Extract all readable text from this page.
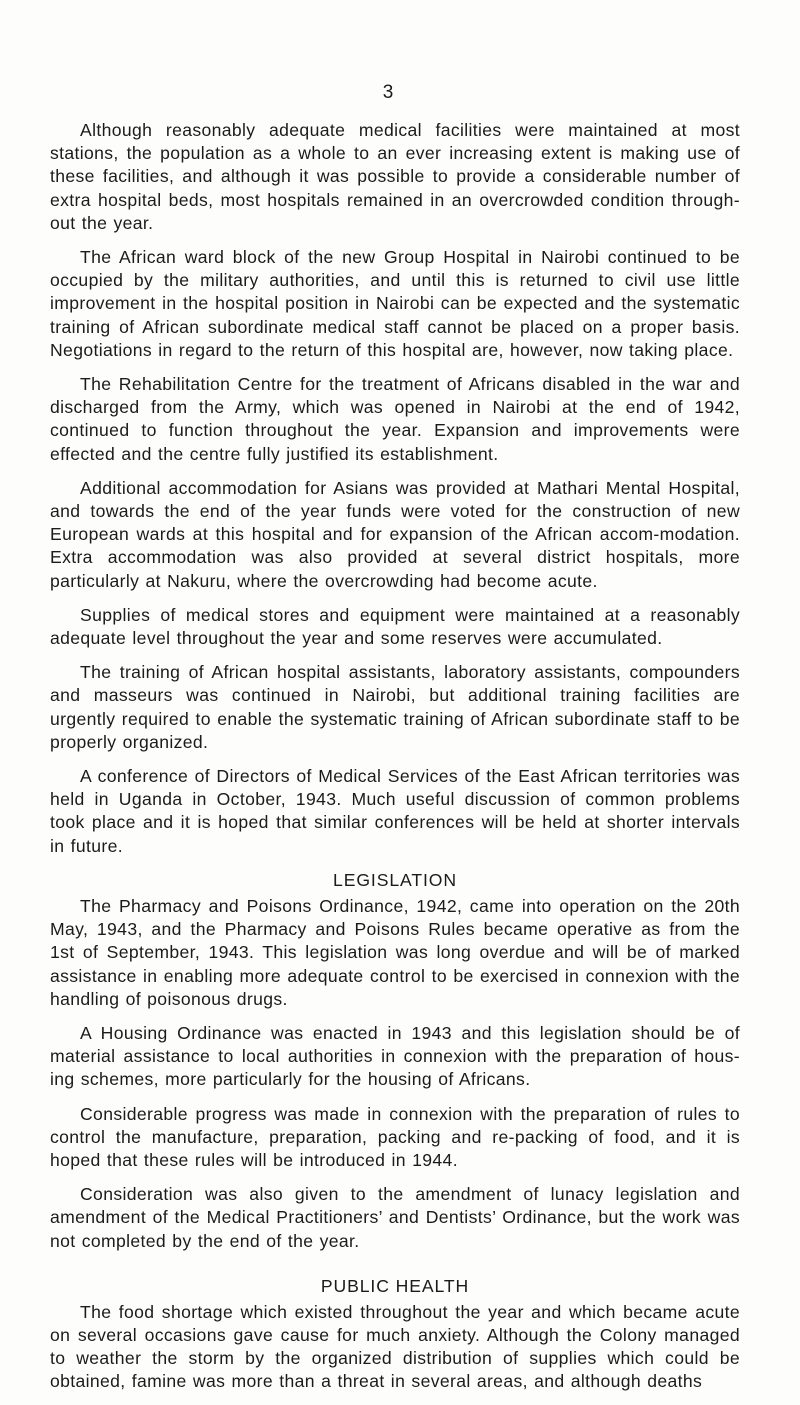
3

Although reasonably adequate medical facilities were maintained at most stations, the population as a whole to an ever increasing extent is making use of these facilities, and although it was possible to provide a considerable number of extra hospital beds, most hospitals remained in an overcrowded condition through-out the year.

The African ward block of the new Group Hospital in Nairobi continued to be occupied by the military authorities, and until this is returned to civil use little improvement in the hospital position in Nairobi can be expected and the systematic training of African subordinate medical staff cannot be placed on a proper basis. Negotiations in regard to the return of this hospital are, however, now taking place.

The Rehabilitation Centre for the treatment of Africans disabled in the war and discharged from the Army, which was opened in Nairobi at the end of 1942, continued to function throughout the year. Expansion and improvements were effected and the centre fully justified its establishment.

Additional accommodation for Asians was provided at Mathari Mental Hospital, and towards the end of the year funds were voted for the construction of new European wards at this hospital and for expansion of the African accom-modation. Extra accommodation was also provided at several district hospitals, more particularly at Nakuru, where the overcrowding had become acute.

Supplies of medical stores and equipment were maintained at a reasonably adequate level throughout the year and some reserves were accumulated.

The training of African hospital assistants, laboratory assistants, compounders and masseurs was continued in Nairobi, but additional training facilities are urgently required to enable the systematic training of African subordinate staff to be properly organized.

A conference of Directors of Medical Services of the East African territories was held in Uganda in October, 1943. Much useful discussion of common problems took place and it is hoped that similar conferences will be held at shorter intervals in future.

LEGISLATION

The Pharmacy and Poisons Ordinance, 1942, came into operation on the 20th May, 1943, and the Pharmacy and Poisons Rules became operative as from the 1st of September, 1943. This legislation was long overdue and will be of marked assistance in enabling more adequate control to be exercised in connexion with the handling of poisonous drugs.

A Housing Ordinance was enacted in 1943 and this legislation should be of material assistance to local authorities in connexion with the preparation of hous-ing schemes, more particularly for the housing of Africans.

Considerable progress was made in connexion with the preparation of rules to control the manufacture, preparation, packing and re-packing of food, and it is hoped that these rules will be introduced in 1944.

Consideration was also given to the amendment of lunacy legislation and amendment of the Medical Practitioners’ and Dentists’ Ordinance, but the work was not completed by the end of the year.

PUBLIC HEALTH

The food shortage which existed throughout the year and which became acute on several occasions gave cause for much anxiety. Although the Colony managed to weather the storm by the organized distribution of supplies which could be obtained, famine was more than a threat in several areas, and although deaths
